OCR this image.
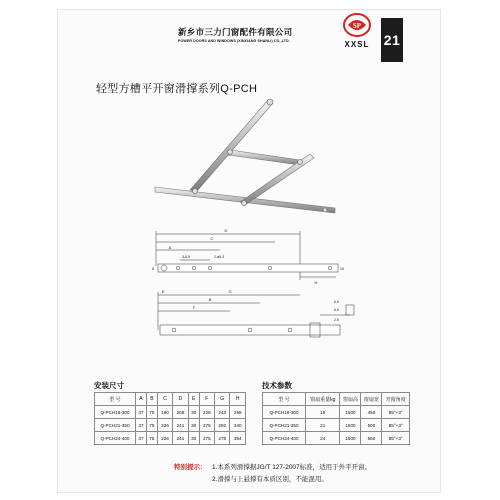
新乡市三力门窗配件有限公司
POWER DOORS AND WINDOWS (XINXIANG SHANLI) CO.,LTD.
SP
XXSL 21
轻型方槽平开窗滑撑系列Q-PCH
D
C
A
3-6.5	2-ø5.3
8	15
H
E	G
B
F
6.5
5.5
2.5
安装尺寸
型 号	A	B	C	D	E	F	G	H
Q-PCH18-300	37	75	190	206	30	228	243	295
Q-PCH21-350	37	75	226	241	30	275	292	340
Q-PCH24-400	37	75	226	241	30	275	275	394
技术参数
型 号	窗扇重量kg	窗扇高	窗扇宽	开窗角度
Q-PCH18-300	18	1500	450	85°+3°
Q-PCH21-350	21	1500	500	85°+3°
Q-PCH24-400	24	1500	550	85°+3°
特别提示： 1.本系列滑撑据JG/T 127-2007标准，适用于外平开窗。
2.滑撑与上悬撑有本质区别，不能混用。
